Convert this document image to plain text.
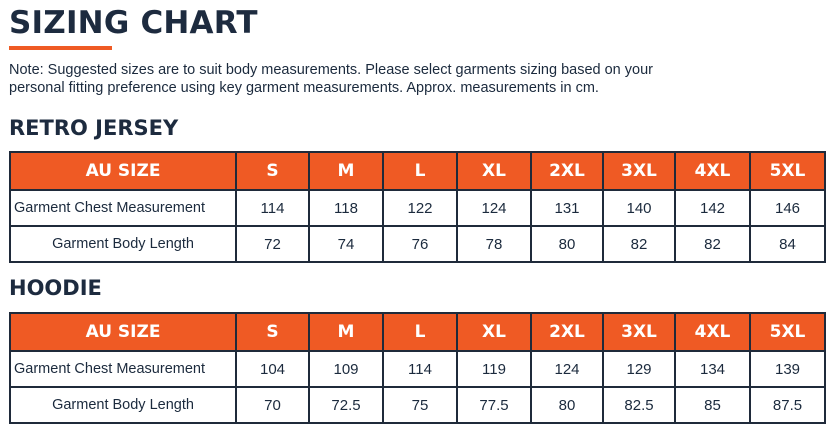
SIZING CHART
Note: Suggested sizes are to suit body measurements. Please select garments sizing based on your
personal fitting preference using key garment measurements. Approx. measurements in cm.
RETRO JERSEY
AU SIZE	S	M	L	XL	2XL	3XL	4XL	5XL
Garment Chest Measurement	114	118	122	124	131	140	142	146
Garment Body Length	72	74	76	78	80	82	82	84
HOODIE
AU SIZE	S	M	L	XL	2XL	3XL	4XL	5XL
Garment Chest Measurement	104	109	114	119	124	129	134	139
Garment Body Length	70	72.5	75	77.5	80	82.5	85	87.5
